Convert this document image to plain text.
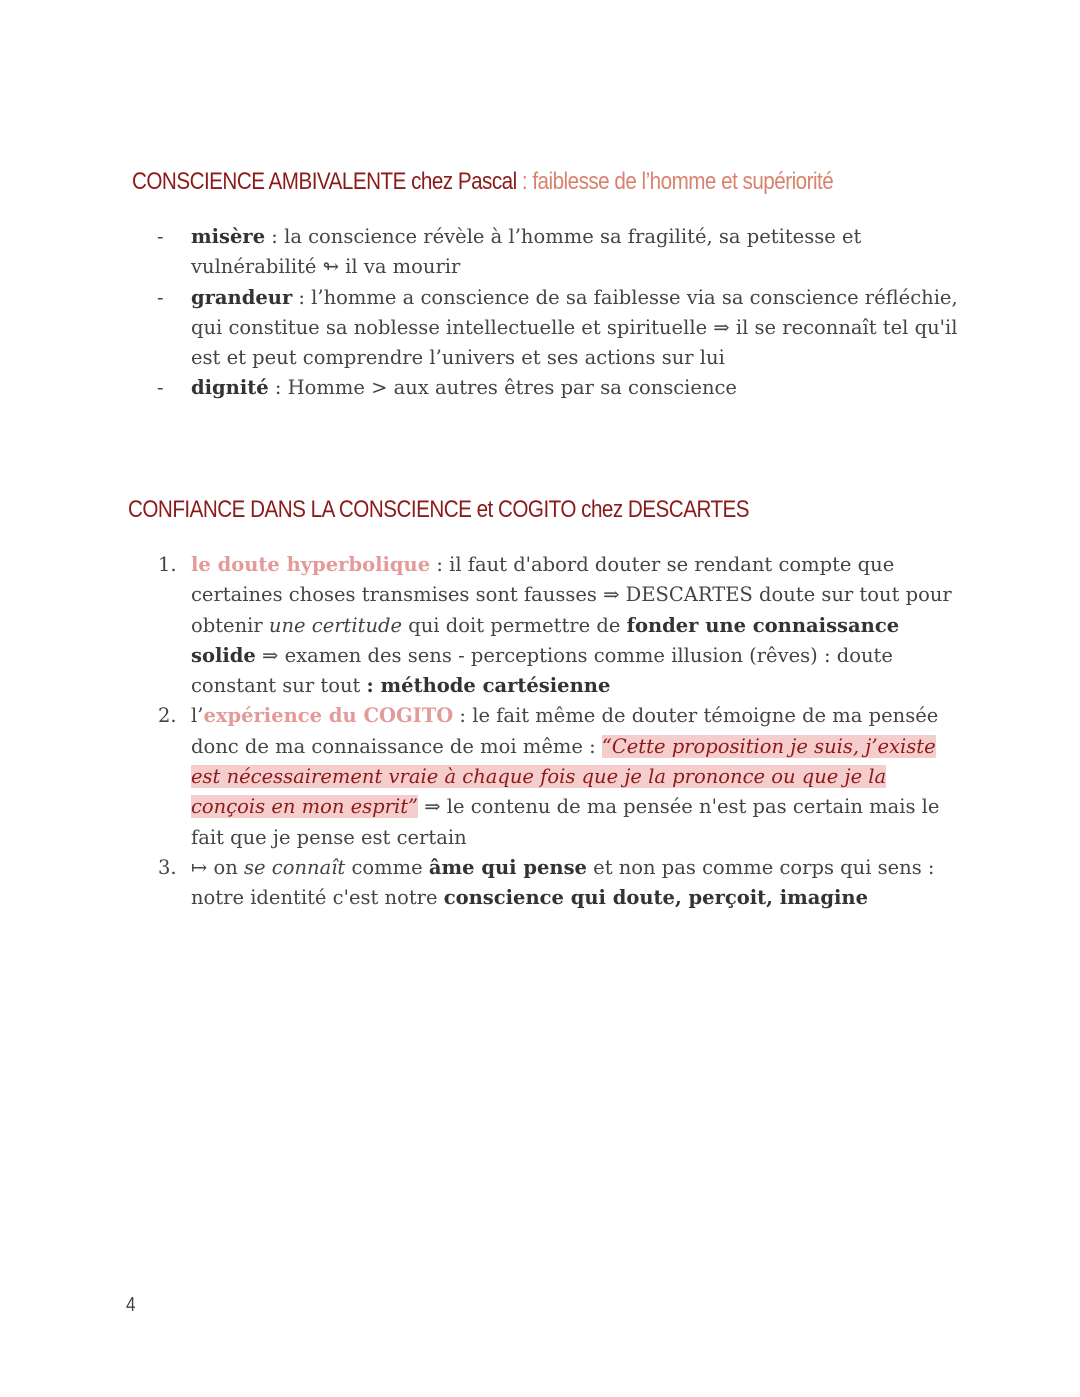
CONSCIENCE AMBIVALENTE chez Pascal : faiblesse de l’homme et supériorité
- misère : la conscience révèle à l’homme sa fragilité, sa petitesse et vulnérabilité ↬ il va mourir
- grandeur : l’homme a conscience de sa faiblesse via sa conscience réfléchie, qui constitue sa noblesse intellectuelle et spirituelle ⇒ il se reconnaît tel qu'il est et peut comprendre l’univers et ses actions sur lui
- dignité : Homme > aux autres êtres par sa conscience
CONFIANCE DANS LA CONSCIENCE et COGITO chez DESCARTES
1. le doute hyperbolique : il faut d'abord douter se rendant compte que certaines choses transmises sont fausses ⇒ DESCARTES doute sur tout pour obtenir une certitude qui doit permettre de fonder une connaissance solide ⇒ examen des sens - perceptions comme illusion (rêves) : doute constant sur tout : méthode cartésienne
2. l’expérience du COGITO : le fait même de douter témoigne de ma pensée donc de ma connaissance de moi même : “Cette proposition je suis, j’existe est nécessairement vraie à chaque fois que je la prononce ou que je la conçois en mon esprit” ⇒ le contenu de ma pensée n'est pas certain mais le fait que je pense est certain
3. ↦ on se connaît comme âme qui pense et non pas comme corps qui sens : notre identité c'est notre conscience qui doute, perçoit, imagine
4
